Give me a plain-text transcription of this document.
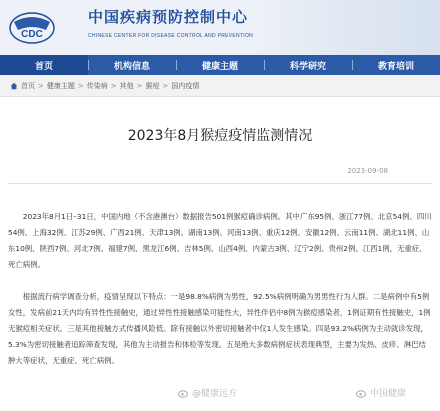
CDC
中国疾病预防控制中心
CHINESE CENTER FOR DISEASE CONTROL AND PREVENTION
首页	机构信息	健康主题	科学研究	教育培训
首页 > 健康主题 > 传染病 > 其他 > 猴痘 > 国内疫情
2023年8月猴痘疫情监测情况
2023-09-08

2023年8月1日–31日，中国内地（不含港澳台）数据报告501例猴痘确诊病例。其中广东95例、浙江77例、北京54例、四川54例、上海32例、江苏29例、广西21例、天津13例、湖南13例、河南13例、重庆12例、安徽12例、云南11例、湖北11例、山东10例、陕西7例、河北7例、福建7例、黑龙江6例、吉林5例、山西4例、内蒙古3例、辽宁2例、贵州2例、江西1例，无重症、死亡病例。

根据流行病学调查分析，疫情呈现以下特点：一是98.8%病例为男性，92.5%病例明确为男男性行为人群。二是病例中有5例女性，发病前21天内均有异性性接触史，通过异性性接触感染可能性大，异性伴侣中8例为猴痘感染者，1例证期有性接触史，1例无猴痘相关症状。三是其他接触方式传播风险低。除有接触以外密切接触者中仅1人发生感染。四是93.2%病例为主动就诊发现，5.3%为密切接触者追踪筛查发现，其他为主动报告和体检等发现。五是绝大多数病例症状表现典型，主要为发热、皮疹、淋巴结肿大等症状，无重症、死亡病例。

@健康远方	中国健康
